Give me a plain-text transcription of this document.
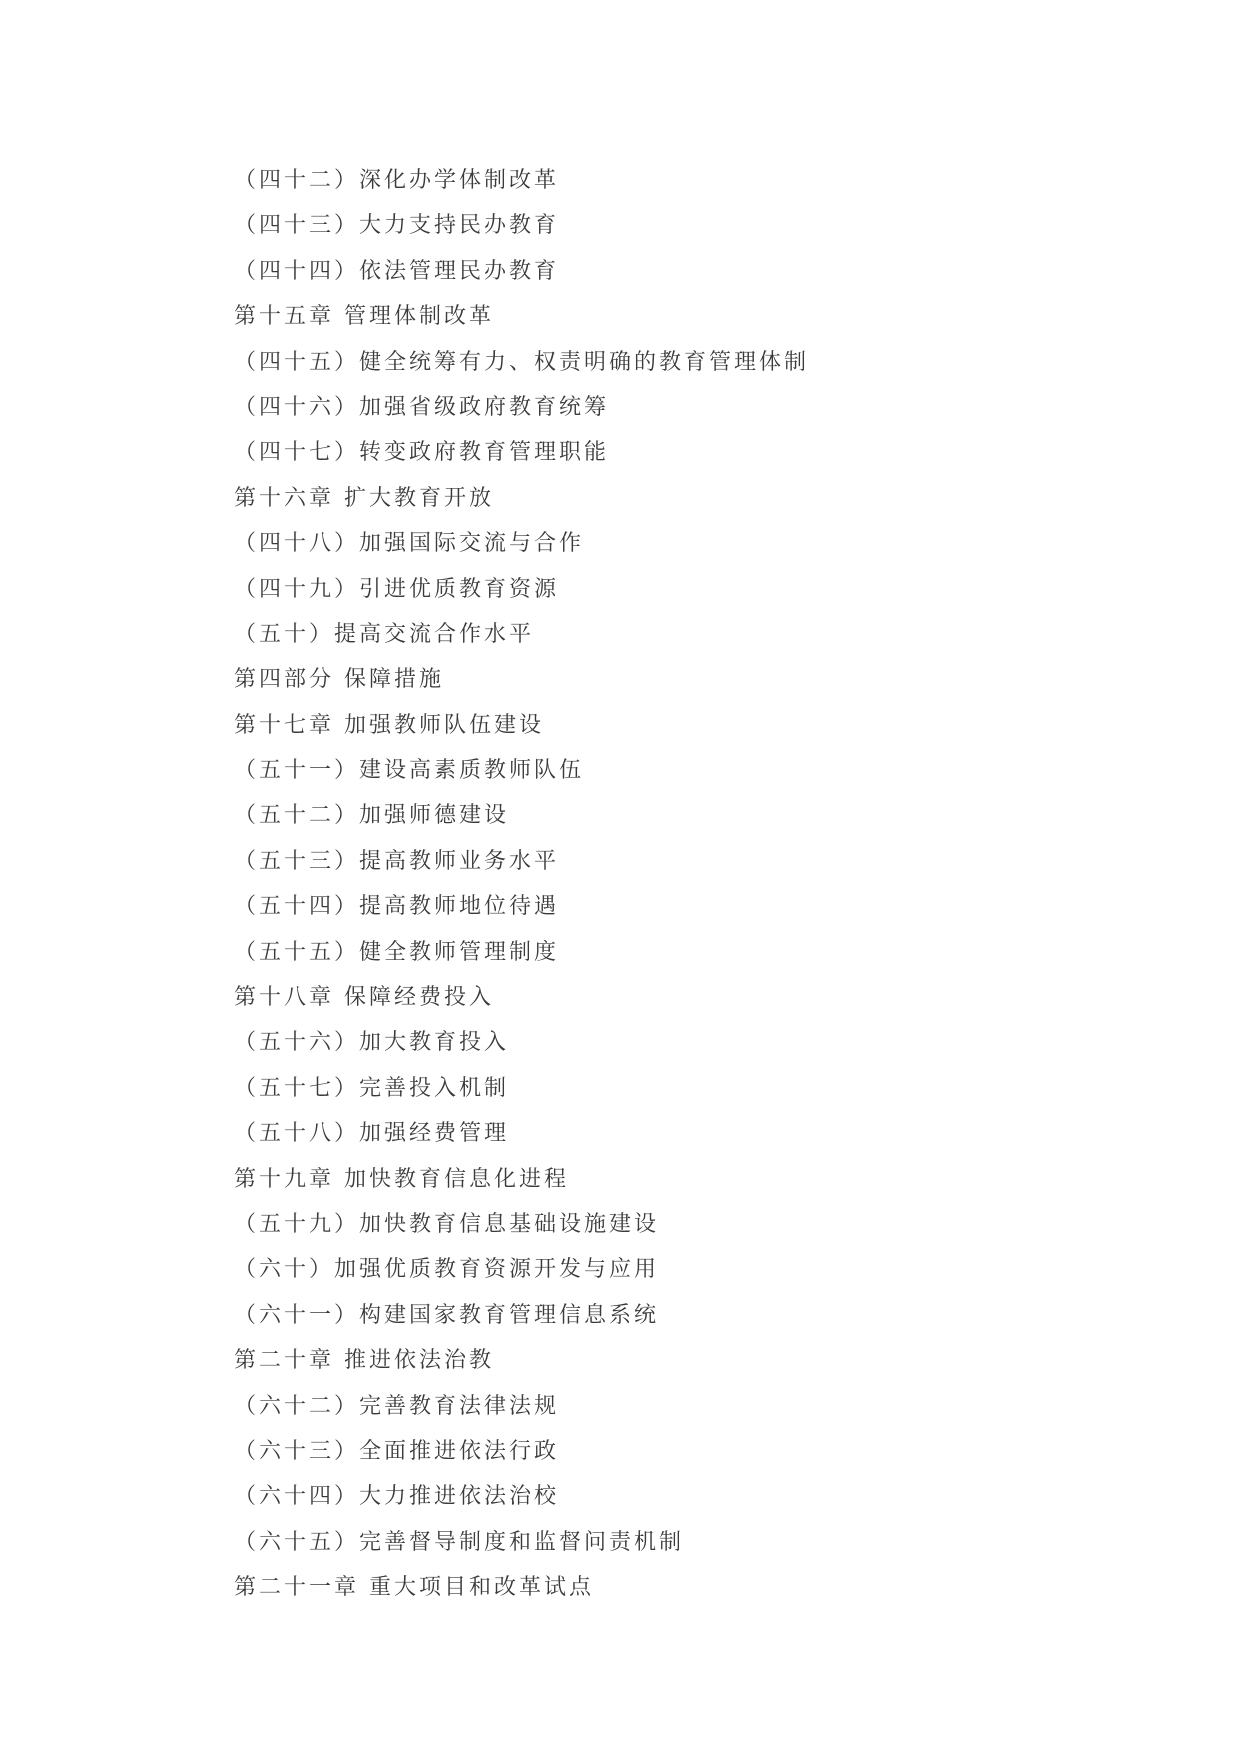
（四十二）深化办学体制改革
（四十三）大力支持民办教育
（四十四）依法管理民办教育
第十五章 管理体制改革
（四十五）健全统筹有力、权责明确的教育管理体制
（四十六）加强省级政府教育统筹
（四十七）转变政府教育管理职能
第十六章 扩大教育开放
（四十八）加强国际交流与合作
（四十九）引进优质教育资源
（五十）提高交流合作水平
第四部分 保障措施
第十七章 加强教师队伍建设
（五十一）建设高素质教师队伍
（五十二）加强师德建设
（五十三）提高教师业务水平
（五十四）提高教师地位待遇
（五十五）健全教师管理制度
第十八章 保障经费投入
（五十六）加大教育投入
（五十七）完善投入机制
（五十八）加强经费管理
第十九章 加快教育信息化进程
（五十九）加快教育信息基础设施建设
（六十）加强优质教育资源开发与应用
（六十一）构建国家教育管理信息系统
第二十章 推进依法治教
（六十二）完善教育法律法规
（六十三）全面推进依法行政
（六十四）大力推进依法治校
（六十五）完善督导制度和监督问责机制
第二十一章 重大项目和改革试点
